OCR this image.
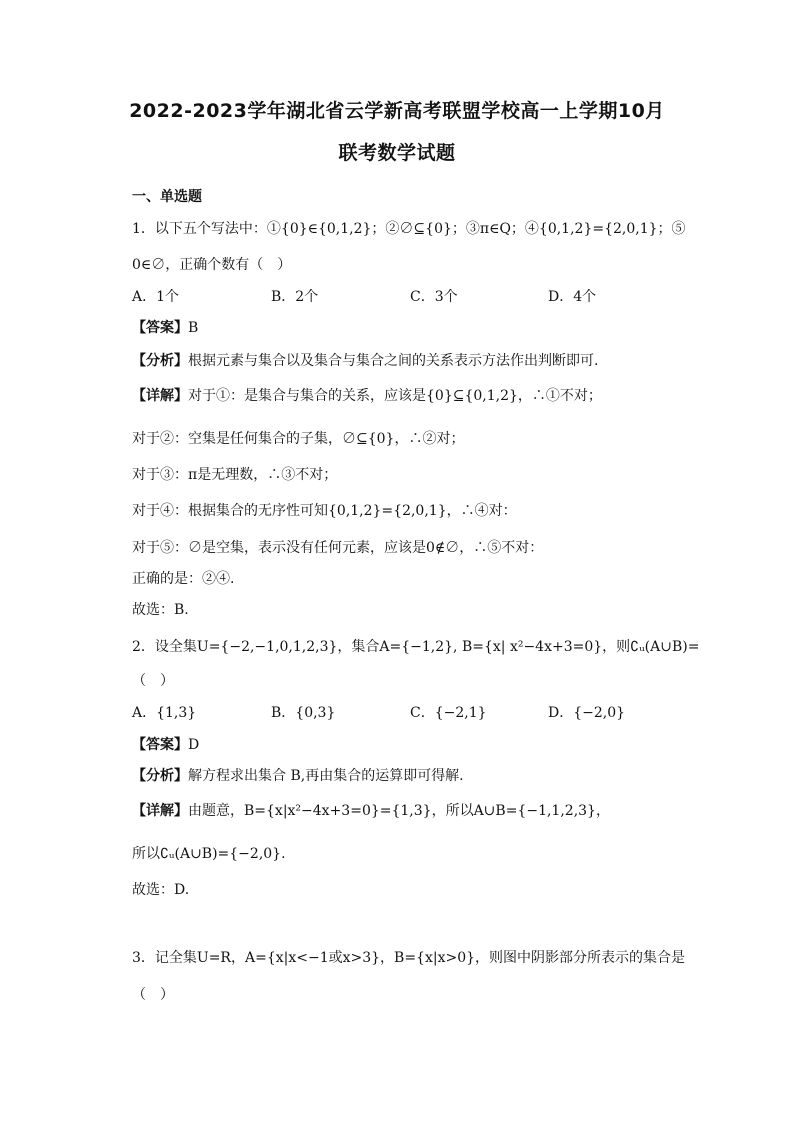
2022-2023学年湖北省云学新高考联盟学校高一上学期10月
联考数学试题
一、单选题
1．以下五个写法中：①{0}∈{0,1,2}；②∅⊆{0}；③π∈Q；④{0,1,2}={2,0,1}；⑤
0∈∅，正确个数有（　）
A．1个	B．2个	C．3个	D．4个
【答案】B
【分析】根据元素与集合以及集合与集合之间的关系表示方法作出判断即可.
【详解】对于①：是集合与集合的关系，应该是{0}⊆{0,1,2}，∴①不对；
对于②：空集是任何集合的子集，∅⊆{0}，∴②对；
对于③：π是无理数，∴③不对；
对于④：根据集合的无序性可知{0,1,2}={2,0,1}，∴④对：
对于⑤：∅是空集，表示没有任何元素，应该是0∉∅，∴⑤不对：
正确的是：②④.
故选：B.
2．设全集U={−2,−1,0,1,2,3}，集合A={−1,2}, B={x| x²−4x+3=0}，则∁ᵤ(A∪B)=
（　）
A．{1,3}	B．{0,3}	C．{−2,1}	D．{−2,0}
【答案】D
【分析】解方程求出集合 B,再由集合的运算即可得解.
【详解】由题意，B={x|x²−4x+3=0}={1,3}，所以A∪B={−1,1,2,3}，
所以∁ᵤ(A∪B)={−2,0}.
故选：D.
3．记全集U=R，A={x|x<−1或x>3}，B={x|x>0}，则图中阴影部分所表示的集合是
（　）
